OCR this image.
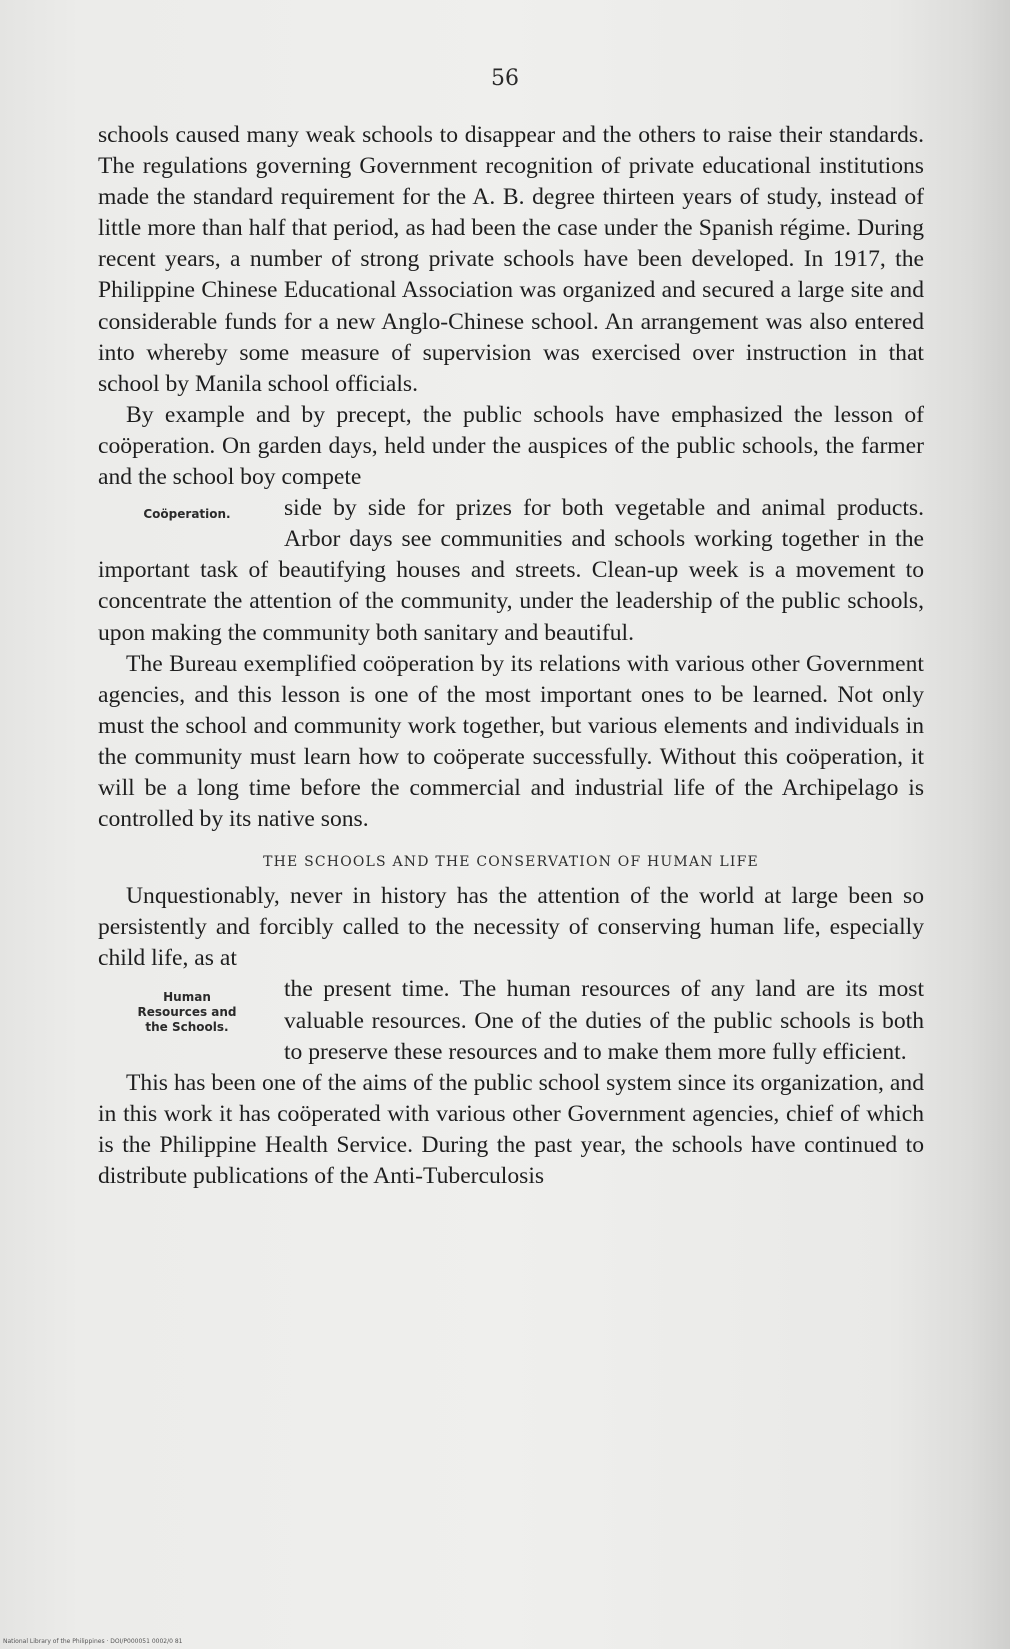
56

schools caused many weak schools to disappear and the others to raise their standards. The regulations governing Government recognition of private educational institutions made the standard requirement for the A. B. degree thirteen years of study, instead of little more than half that period, as had been the case under the Spanish régime. During recent years, a number of strong private schools have been developed. In 1917, the Philippine Chinese Educational Association was organized and secured a large site and considerable funds for a new Anglo-Chinese school. An arrangement was also entered into whereby some measure of supervision was exercised over instruction in that school by Manila school officials.

By example and by precept, the public schools have emphasized the lesson of coöperation. On garden days, held under the auspices of the public schools, the farmer and the school boy compete

Coöperation.	side by side for prizes for both vegetable and animal products. Arbor days see communities and schools working together in the important task of beautifying houses and streets. Clean-up week is a movement to concentrate the attention of the community, under the leadership of the public schools, upon making the community both sanitary and beautiful.

The Bureau exemplified coöperation by its relations with various other Government agencies, and this lesson is one of the most important ones to be learned. Not only must the school and community work together, but various elements and individuals in the community must learn how to coöperate successfully. Without this coöperation, it will be a long time before the commercial and industrial life of the Archipelago is controlled by its native sons.

THE SCHOOLS AND THE CONSERVATION OF HUMAN LIFE

Unquestionably, never in history has the attention of the world at large been so persistently and forcibly called to the necessity of conserving human life, especially child life, as at

Human
Resources and
the Schools.

the present time. The human resources of any land are its most valuable resources. One of the duties of the public schools is both to preserve these resources and to make them more fully efficient.

This has been one of the aims of the public school system since its organization, and in this work it has coöperated with various other Government agencies, chief of which is the Philippine Health Service. During the past year, the schools have continued to distribute publications of the Anti-Tuberculosis

National Library of the Philippines · DOI/P000051 0002/0 81
